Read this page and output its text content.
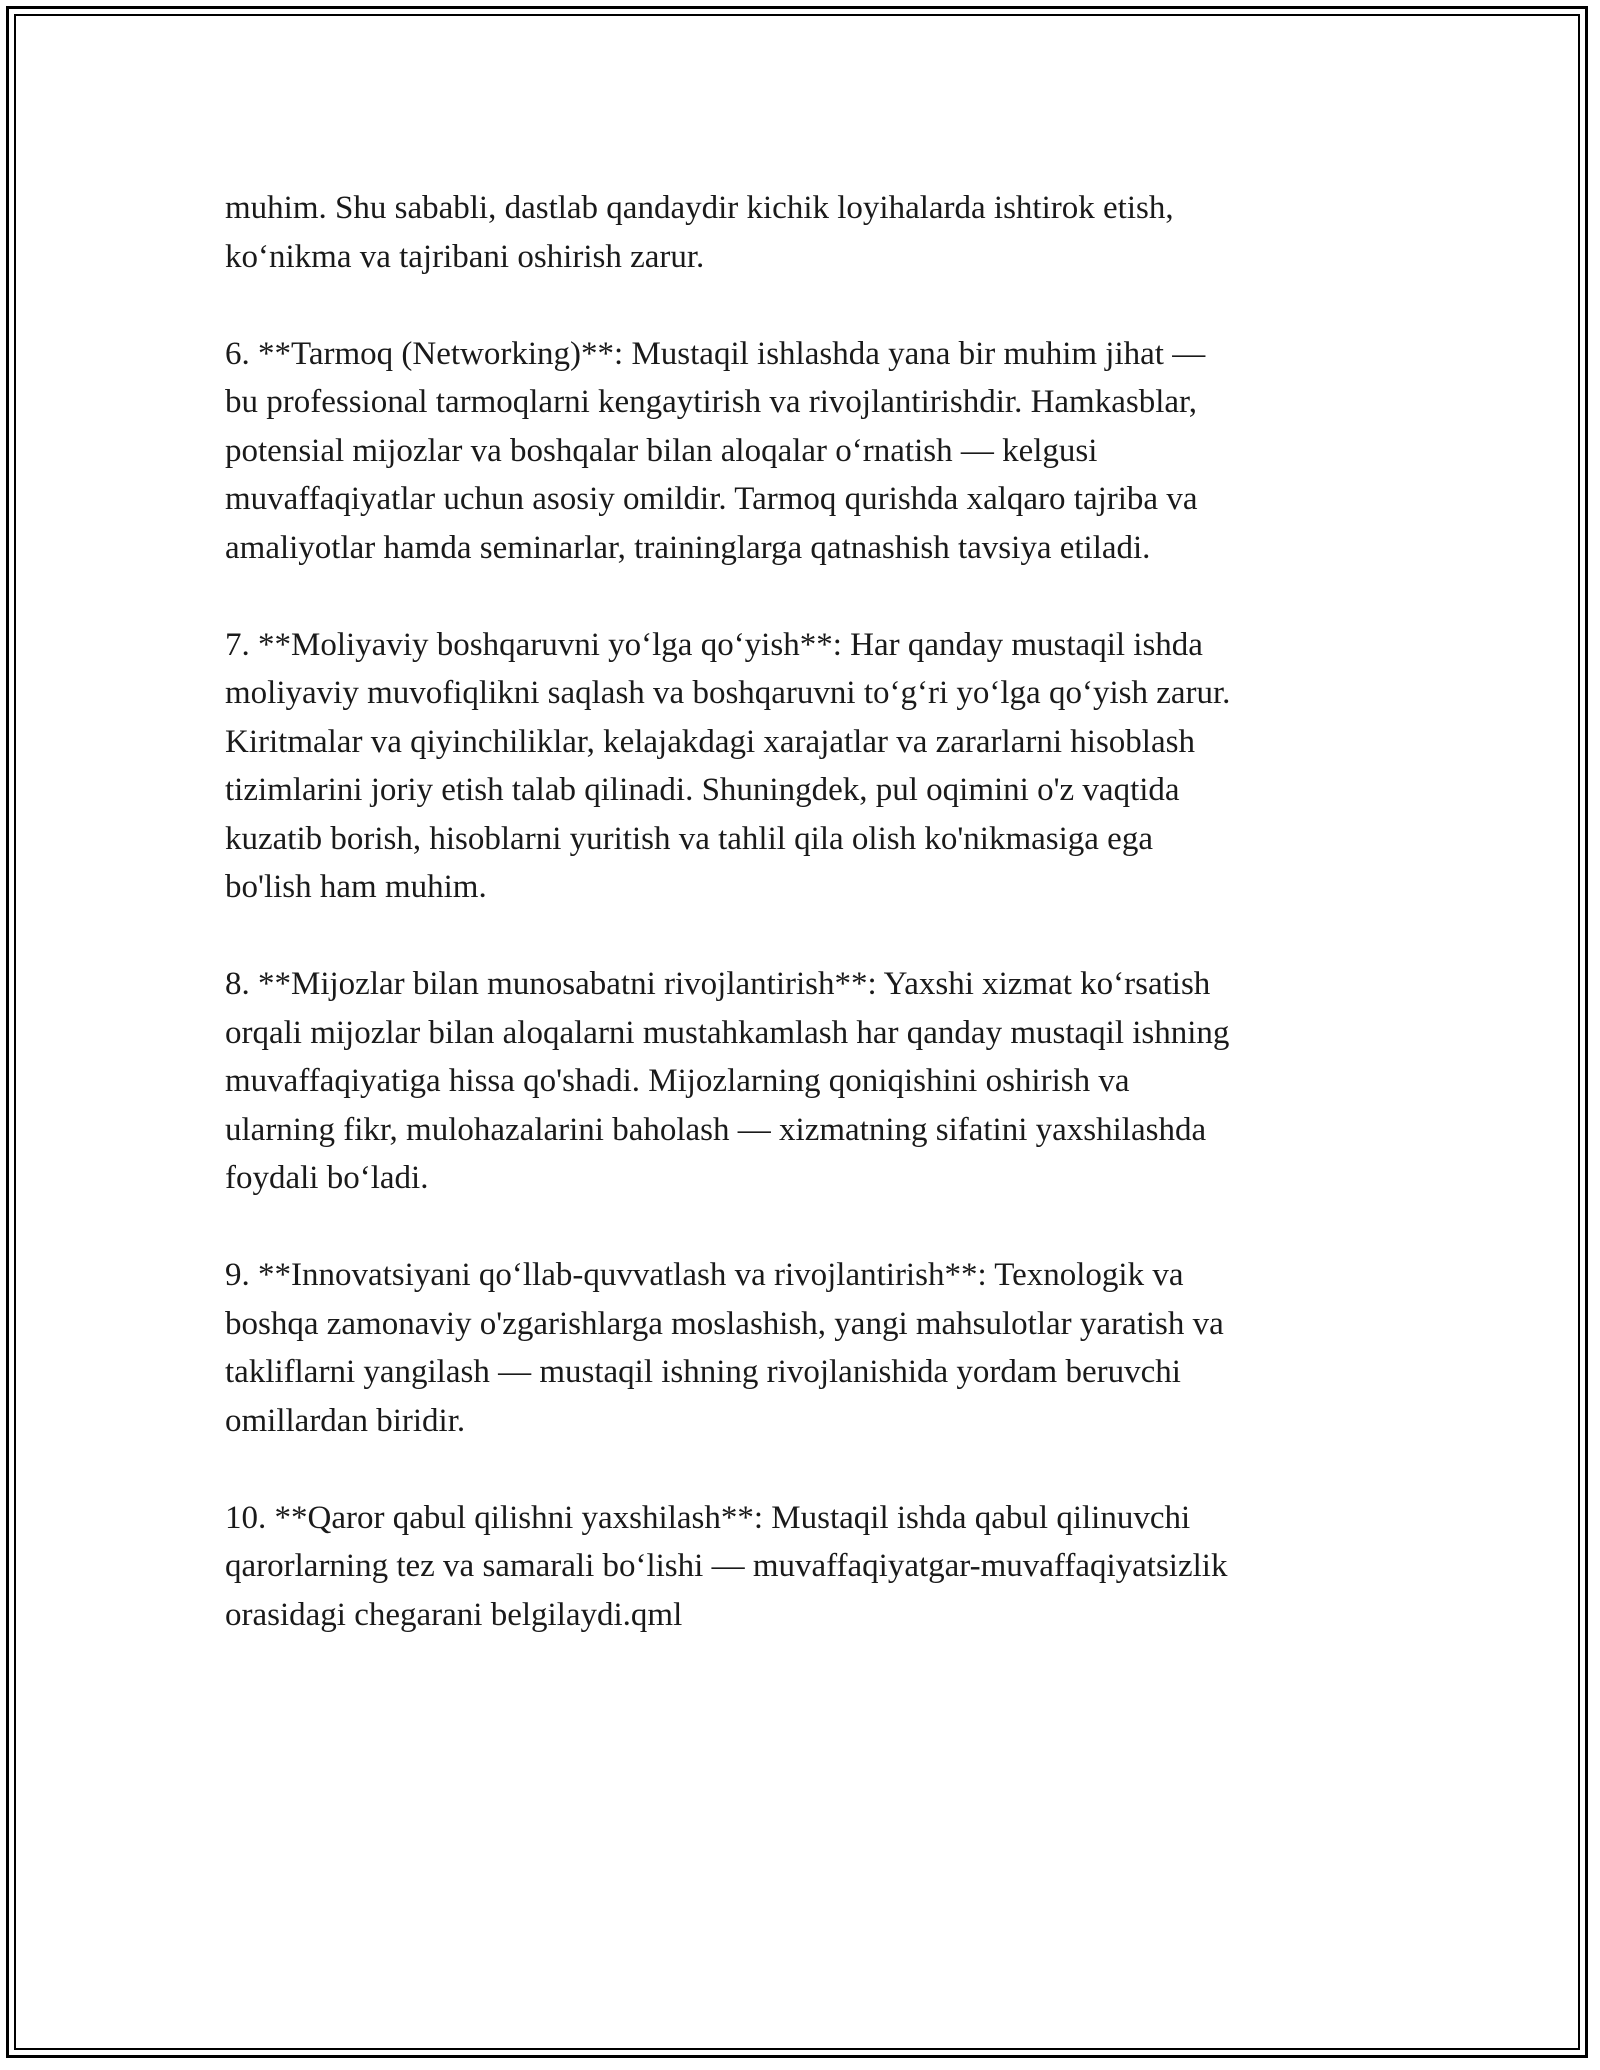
muhim. Shu sababli, dastlab qandaydir kichik loyihalarda ishtirok etish,
ko‘nikma va tajribani oshirish zarur.

6. **Tarmoq (Networking)**: Mustaqil ishlashda yana bir muhim jihat —
bu professional tarmoqlarni kengaytirish va rivojlantirishdir. Hamkasblar,
potensial mijozlar va boshqalar bilan aloqalar o‘rnatish — kelgusi
muvaffaqiyatlar uchun asosiy omildir. Tarmoq qurishda xalqaro tajriba va
amaliyotlar hamda seminarlar, traininglarga qatnashish tavsiya etiladi.

7. **Moliyaviy boshqaruvni yo‘lga qo‘yish**: Har qanday mustaqil ishda
moliyaviy muvofiqlikni saqlash va boshqaruvni to‘g‘ri yo‘lga qo‘yish zarur.
Kiritmalar va qiyinchiliklar, kelajakdagi xarajatlar va zararlarni hisoblash
tizimlarini joriy etish talab qilinadi. Shuningdek, pul oqimini o'z vaqtida
kuzatib borish, hisoblarni yuritish va tahlil qila olish ko'nikmasiga ega
bo'lish ham muhim.

8. **Mijozlar bilan munosabatni rivojlantirish**: Yaxshi xizmat ko‘rsatish
orqali mijozlar bilan aloqalarni mustahkamlash har qanday mustaqil ishning
muvaffaqiyatiga hissa qo'shadi. Mijozlarning qoniqishini oshirish va
ularning fikr, mulohazalarini baholash — xizmatning sifatini yaxshilashda
foydali bo‘ladi.

9. **Innovatsiyani qo‘llab-quvvatlash va rivojlantirish**: Texnologik va
boshqa zamonaviy o'zgarishlarga moslashish, yangi mahsulotlar yaratish va
takliflarni yangilash — mustaqil ishning rivojlanishida yordam beruvchi
omillardan biridir.

10. **Qaror qabul qilishni yaxshilash**: Mustaqil ishda qabul qilinuvchi
qarorlarning tez va samarali bo‘lishi — muvaffaqiyatgar-muvaffaqiyatsizlik
orasidagi chegarani belgilaydi.qml
